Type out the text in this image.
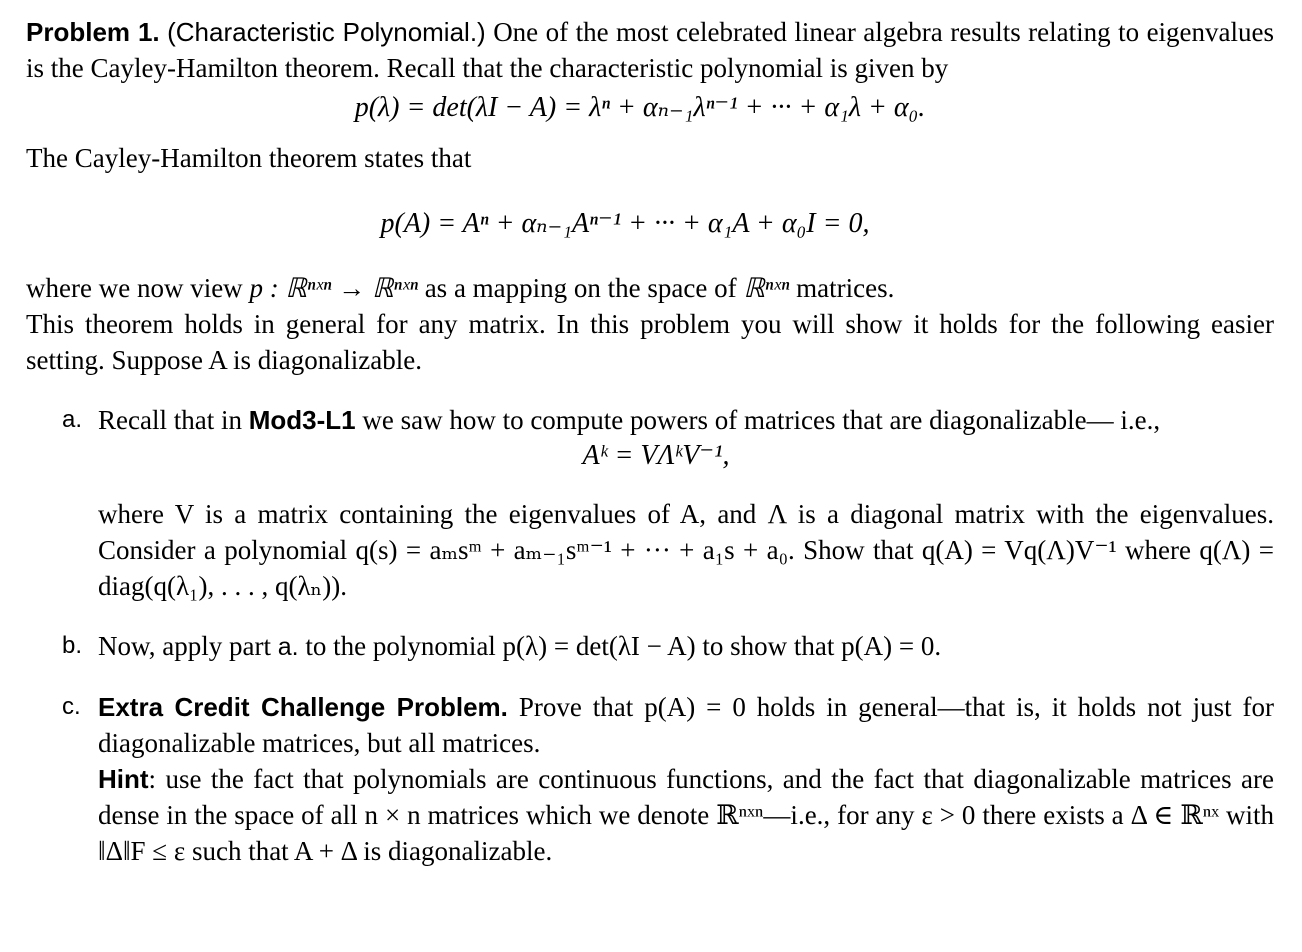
Problem 1. (Characteristic Polynomial.) One of the most celebrated linear algebra results relating to eigenvalues is the Cayley-Hamilton theorem. Recall that the characteristic polynomial is given by

p(λ) = det(λI − A) = λⁿ + αₙ₋₁λⁿ⁻¹ + ··· + α₁λ + α₀.

The Cayley-Hamilton theorem states that

p(A) = Aⁿ + αₙ₋₁Aⁿ⁻¹ + ··· + α₁A + α₀I = 0,

where we now view p : ℝⁿˣⁿ → ℝⁿˣⁿ as a mapping on the space of ℝⁿˣⁿ matrices.

This theorem holds in general for any matrix. In this problem you will show it holds for the following easier setting. Suppose A is diagonalizable.

a. Recall that in Mod3-L1 we saw how to compute powers of matrices that are diagonalizable— i.e.,

Aᵏ = VΛᵏV⁻¹,

where V is a matrix containing the eigenvalues of A, and Λ is a diagonal matrix with the eigenvalues. Consider a polynomial q(s) = aₘsᵐ + aₘ₋₁sᵐ⁻¹ + ··· + a₁s + a₀. Show that q(A) = Vq(Λ)V⁻¹ where q(Λ) = diag(q(λ₁), . . . , q(λₙ)).

b. Now, apply part a. to the polynomial p(λ) = det(λI − A) to show that p(A) = 0.

c. Extra Credit Challenge Problem. Prove that p(A) = 0 holds in general—that is, it holds not just for diagonalizable matrices, but all matrices.

Hint: use the fact that polynomials are continuous functions, and the fact that diagonalizable matrices are dense in the space of all n × n matrices which we denote ℝⁿˣⁿ—i.e., for any ε > 0 there exists a Δ ∈ ℝⁿˣ with ‖Δ‖F ≤ ε such that A + Δ is diagonalizable.
